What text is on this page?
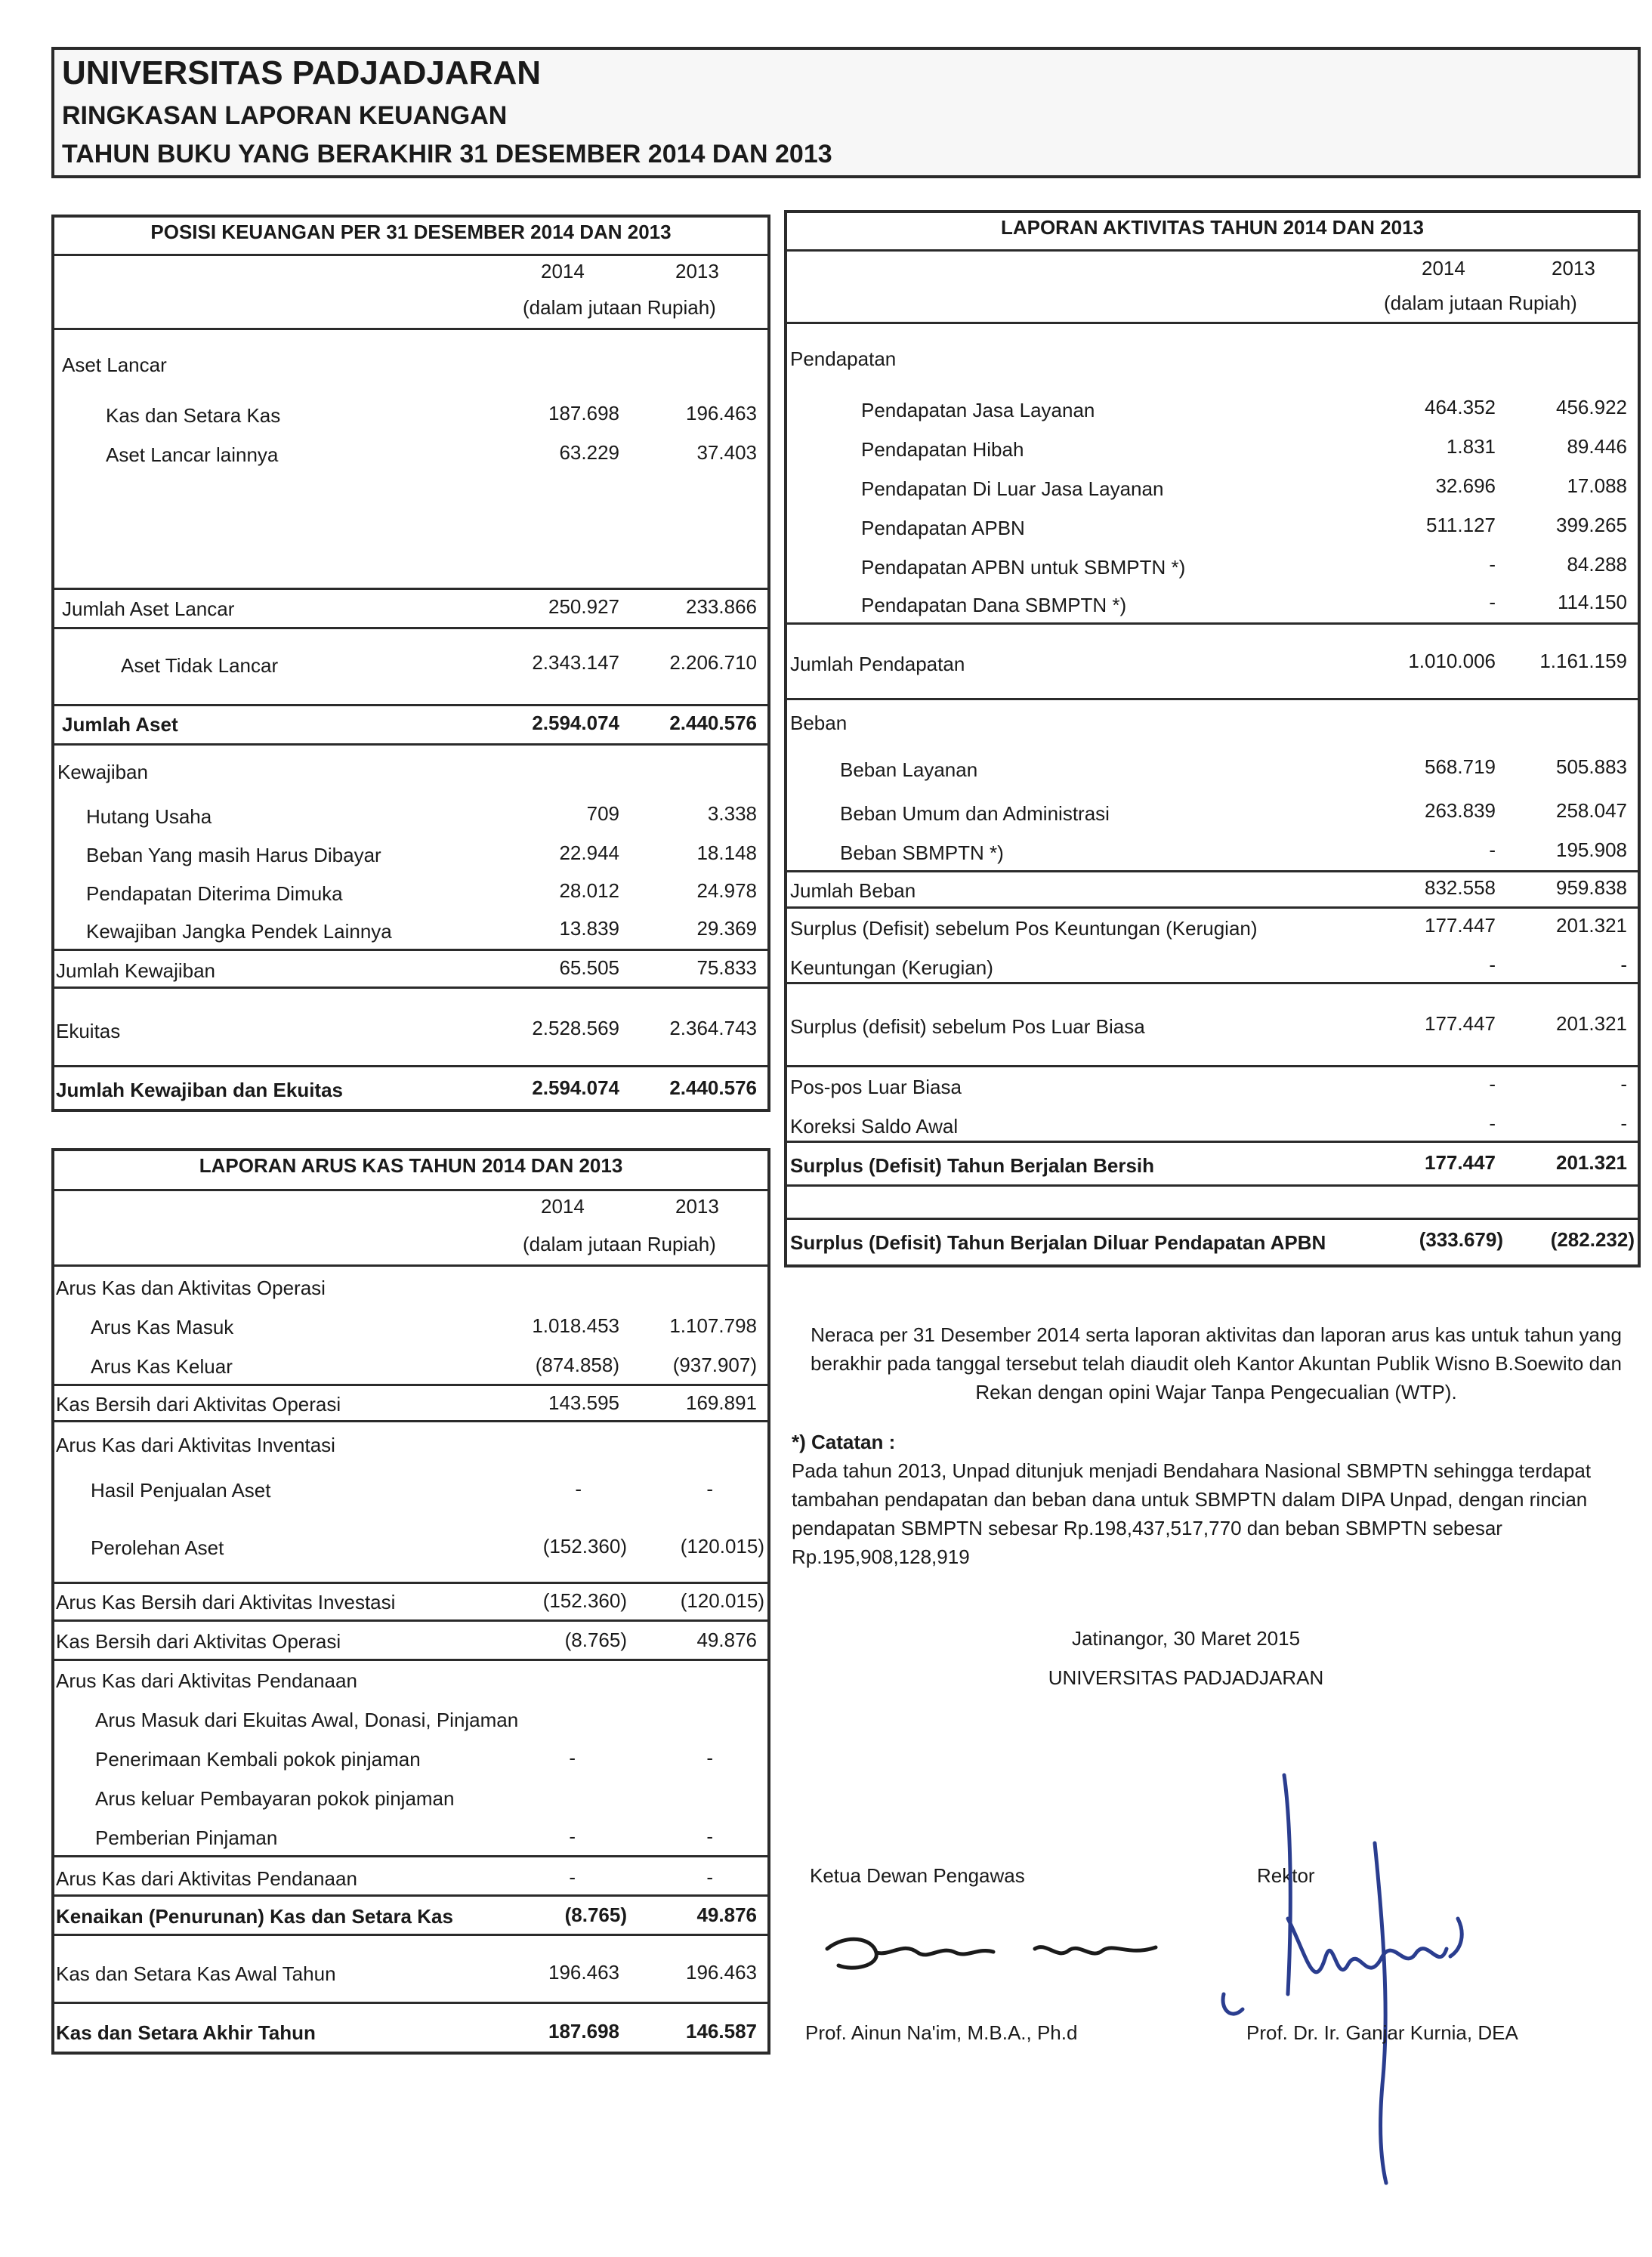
UNIVERSITAS PADJADJARAN
RINGKASAN LAPORAN KEUANGAN
TAHUN BUKU YANG BERAKHIR 31 DESEMBER 2014 DAN 2013
POSISI KEUANGAN PER 31 DESEMBER 2014 DAN 2013
2014	2013
(dalam jutaan Rupiah)
Aset Lancar
Kas dan Setara Kas	187.698	196.463
Aset Lancar lainnya	63.229	37.403
Jumlah Aset Lancar	250.927	233.866
Aset Tidak Lancar	2.343.147	2.206.710
Jumlah Aset	2.594.074	2.440.576
Kewajiban
Hutang Usaha	709	3.338
Beban Yang masih Harus Dibayar	22.944	18.148
Pendapatan Diterima Dimuka	28.012	24.978
Kewajiban Jangka Pendek Lainnya	13.839	29.369
Jumlah Kewajiban	65.505	75.833
Ekuitas	2.528.569	2.364.743
Jumlah Kewajiban dan Ekuitas	2.594.074	2.440.576
LAPORAN ARUS KAS TAHUN 2014 DAN 2013
2014	2013
(dalam jutaan Rupiah)
Arus Kas dan Aktivitas Operasi
Arus Kas Masuk	1.018.453	1.107.798
Arus Kas Keluar	(874.858)	(937.907)
Kas Bersih dari Aktivitas Operasi	143.595	169.891
Arus Kas dari Aktivitas Inventasi
Hasil Penjualan Aset	-	-
Perolehan Aset	(152.360)	(120.015)
Arus Kas Bersih dari Aktivitas Investasi	(152.360)	(120.015)
Kas Bersih dari Aktivitas Operasi	(8.765)	49.876
Arus Kas dari Aktivitas Pendanaan
Arus Masuk dari Ekuitas Awal, Donasi, Pinjaman
Penerimaan Kembali pokok pinjaman	-	-
Arus keluar Pembayaran pokok pinjaman
Pemberian Pinjaman	-	-
Arus Kas dari Aktivitas Pendanaan	-	-
Kenaikan (Penurunan) Kas dan Setara Kas	(8.765)	49.876
Kas dan Setara Kas Awal Tahun	196.463	196.463
Kas dan Setara Akhir Tahun	187.698	146.587
LAPORAN AKTIVITAS TAHUN 2014 DAN 2013
2014	2013
(dalam jutaan Rupiah)
Pendapatan
Pendapatan Jasa Layanan	464.352	456.922
Pendapatan Hibah	1.831	89.446
Pendapatan Di Luar Jasa Layanan	32.696	17.088
Pendapatan APBN	511.127	399.265
Pendapatan APBN untuk SBMPTN *)	-	84.288
Pendapatan Dana SBMPTN *)	-	114.150
Jumlah Pendapatan	1.010.006	1.161.159
Beban
Beban Layanan	568.719	505.883
Beban Umum dan Administrasi	263.839	258.047
Beban SBMPTN *)	-	195.908
Jumlah Beban	832.558	959.838
Surplus (Defisit) sebelum Pos Keuntungan (Kerugian)	177.447	201.321
Keuntungan (Kerugian)	-	-
Surplus (defisit) sebelum Pos Luar Biasa	177.447	201.321
Pos-pos Luar Biasa	-	-
Koreksi Saldo Awal	-	-
Surplus (Defisit) Tahun Berjalan Bersih	177.447	201.321
Surplus (Defisit) Tahun Berjalan Diluar Pendapatan APBN	(333.679)	(282.232)
Neraca per 31 Desember 2014 serta laporan aktivitas dan laporan arus kas untuk tahun yang
berakhir pada tanggal tersebut telah diaudit oleh Kantor Akuntan Publik Wisno B.Soewito dan
Rekan dengan opini Wajar Tanpa Pengecualian (WTP).
*) Catatan :
Pada tahun 2013, Unpad ditunjuk menjadi Bendahara Nasional SBMPTN sehingga terdapat
tambahan pendapatan dan beban dana untuk SBMPTN dalam DIPA Unpad, dengan rincian
pendapatan SBMPTN sebesar Rp.198,437,517,770 dan beban SBMPTN sebesar
Rp.195,908,128,919
Jatinangor, 30 Maret 2015
UNIVERSITAS PADJADJARAN
Ketua Dewan Pengawas	Rektor
Prof. Ainun Na'im, M.B.A., Ph.d	Prof. Dr. Ir. Ganjar Kurnia, DEA
